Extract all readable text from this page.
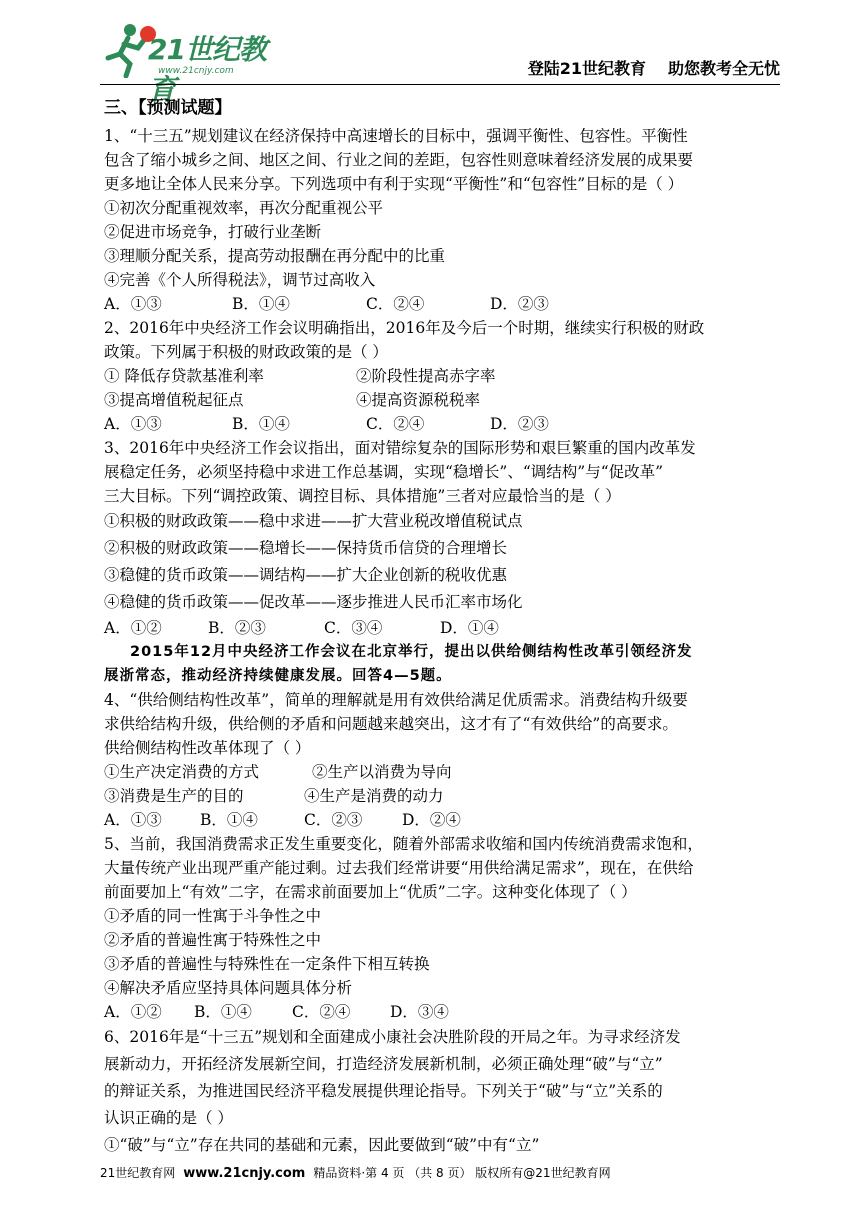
21世纪教育
www.21cnjy.com	登陆21世纪教育 助您教考全无忧
三、【预测试题】
1、“十三五”规划建议在经济保持中高速增长的目标中，强调平衡性、包容性。平衡性
包含了缩小城乡之间、地区之间、行业之间的差距，包容性则意味着经济发展的成果要
更多地让全体人民来分享。下列选项中有利于实现“平衡性”和“包容性”目标的是（ ）
①初次分配重视效率，再次分配重视公平
②促进市场竞争，打破行业垄断
③理顺分配关系，提高劳动报酬在再分配中的比重
④完善《个人所得税法》，调节过高收入
A．①③	B．①④	C．②④	D．②③
2、2016年中央经济工作会议明确指出，2016年及今后一个时期，继续实行积极的财政
政策。下列属于积极的财政政策的是（ ）
① 降低存贷款基准利率	②阶段性提高赤字率
③提高增值税起征点	④提高资源税税率
A．①③	B．①④	C．②④	D．②③
3、2016年中央经济工作会议指出，面对错综复杂的国际形势和艰巨繁重的国内改革发
展稳定任务，必须坚持稳中求进工作总基调，实现“稳增长”、“调结构”与“促改革”
三大目标。下列“调控政策、调控目标、具体措施”三者对应最恰当的是（ ）
①积极的财政政策——稳中求进——扩大营业税改增值税试点
②积极的财政政策——稳增长——保持货币信贷的合理增长
③稳健的货币政策——调结构——扩大企业创新的税收优惠
④稳健的货币政策——促改革——逐步推进人民币汇率市场化
A．①②	B．②③	C．③④	D．①④
2015年12月中央经济工作会议在北京举行，提出以供给侧结构性改革引领经济发
展浙常态，推动经济持续健康发展。回答4—5题。
4、“供给侧结构性改革”，简单的理解就是用有效供给满足优质需求。消费结构升级要
求供给结构升级，供给侧的矛盾和问题越来越突出，这才有了“有效供给”的高要求。
供给侧结构性改革体现了（ ）
①生产决定消费的方式	②生产以消费为导向
③消费是生产的目的	④生产是消费的动力
A．①③	B．①④	C．②③	D．②④
5、当前，我国消费需求正发生重要变化，随着外部需求收缩和国内传统消费需求饱和，
大量传统产业出现严重产能过剩。过去我们经常讲要“用供给满足需求”，现在，在供给
前面要加上“有效”二字，在需求前面要加上“优质”二字。这种变化体现了（ ）
①矛盾的同一性寓于斗争性之中
②矛盾的普遍性寓于特殊性之中
③矛盾的普遍性与特殊性在一定条件下相互转换
④解决矛盾应坚持具体问题具体分析
A．①②	B．①④	C．②④	D．③④
6、2016年是“十三五”规划和全面建成小康社会决胜阶段的开局之年。为寻求经济发
展新动力，开拓经济发展新空间，打造经济发展新机制，必须正确处理“破”与“立”
的辩证关系，为推进国民经济平稳发展提供理论指导。下列关于“破”与“立”关系的
认识正确的是（ ）
①“破”与“立”存在共同的基础和元素，因此要做到“破”中有“立”
21世纪教育网 www.21cnjy.com 精品资料·第 4 页 （共 8 页） 版权所有@21世纪教育网
